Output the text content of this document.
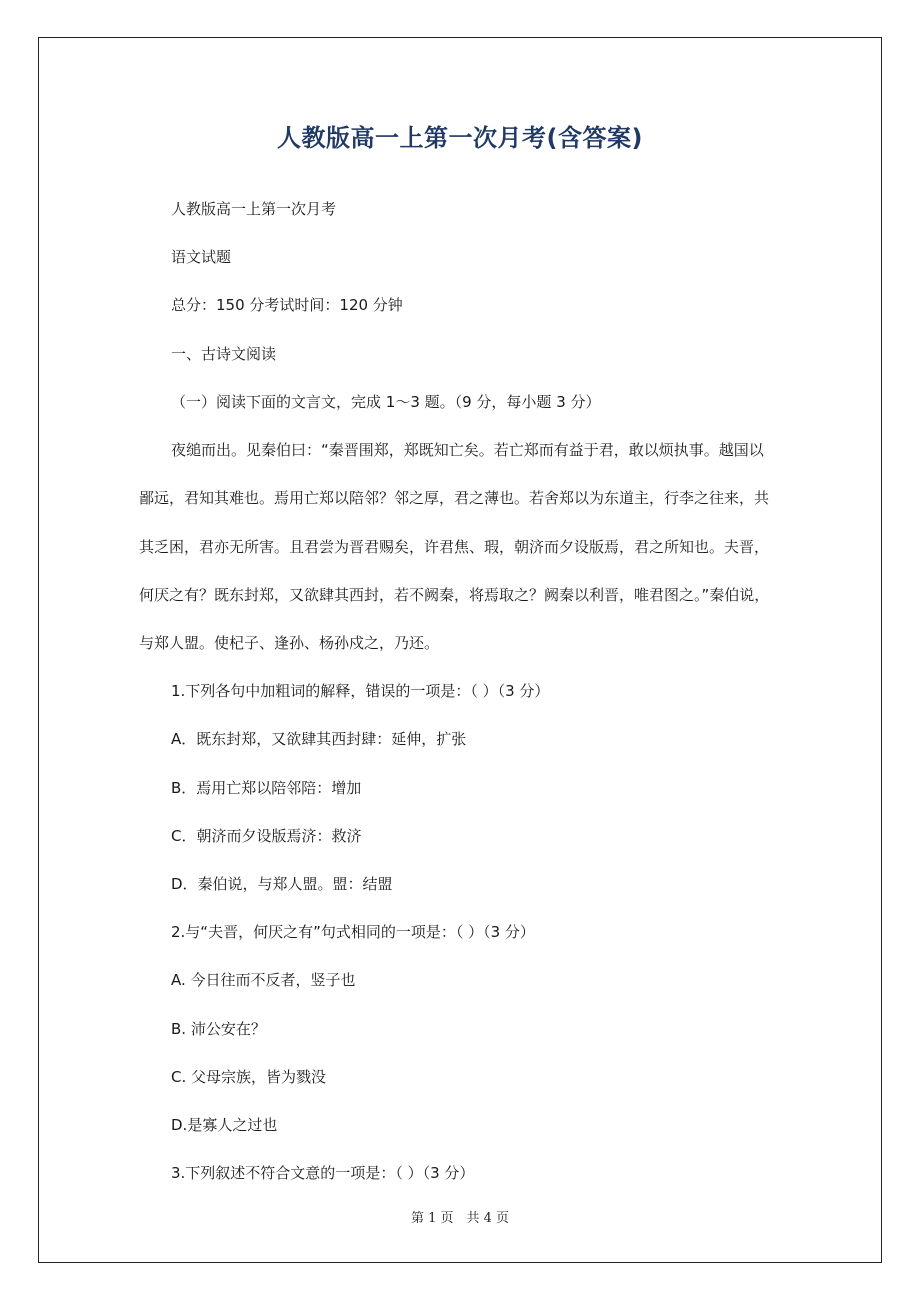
人教版高一上第一次月考(含答案)
人教版高一上第一次月考
语文试题
总分：150 分考试时间：120 分钟
一、古诗文阅读
（一）阅读下面的文言文，完成 1～3 题。（9 分，每小题 3 分）
夜缒而出。见秦伯曰：“秦晋围郑，郑既知亡矣。若亡郑而有益于君，敢以烦执事。越国以
鄙远，君知其难也。焉用亡郑以陪邻？邻之厚，君之薄也。若舍郑以为东道主，行李之往来，共
其乏困，君亦无所害。且君尝为晋君赐矣，许君焦、瑕，朝济而夕设版焉，君之所知也。夫晋，
何厌之有？既东封郑，又欲肆其西封，若不阙秦，将焉取之？阙秦以利晋，唯君图之。”秦伯说，
与郑人盟。使杞子、逢孙、杨孙戍之，乃还。
1.下列各句中加粗词的解释，错误的一项是：（ ）（3 分）
A．既东封郑，又欲肆其西封肆：延伸，扩张
B．焉用亡郑以陪邻陪：增加
C．朝济而夕设版焉济：救济
D．秦伯说，与郑人盟。盟：结盟
2.与“夫晋，何厌之有”句式相同的一项是：（ ）（3 分）
A. 今日往而不反者，竖子也
B. 沛公安在？
C. 父母宗族，皆为戮没
D.是寡人之过也
3.下列叙述不符合文意的一项是：（ ）（3 分）
第 1 页　共 4 页
